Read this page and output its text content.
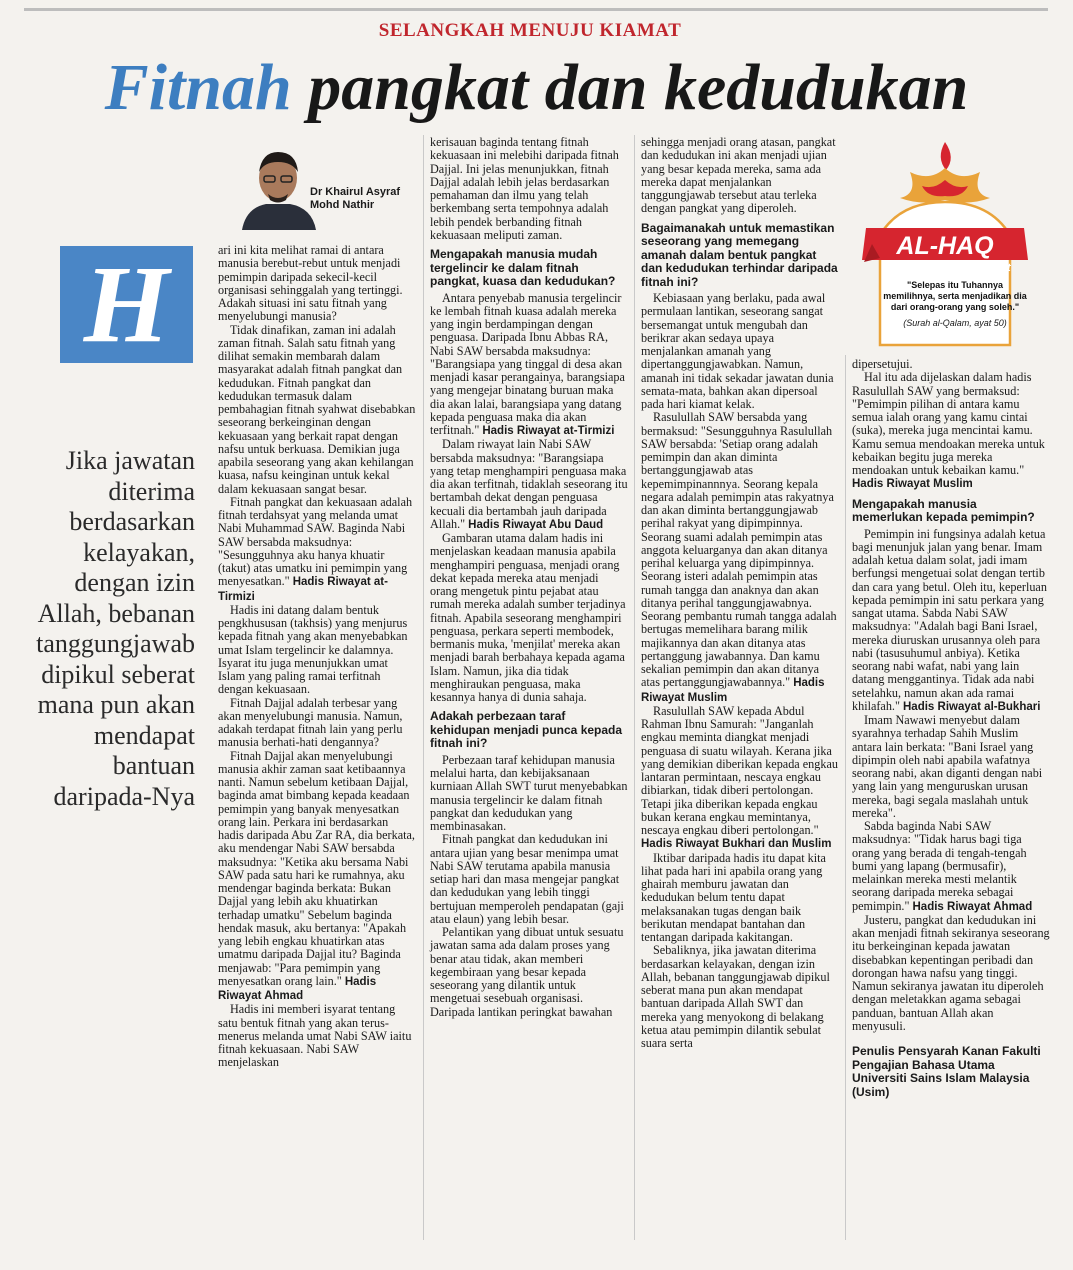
SELANGKAH MENUJU KIAMAT
Fitnah pangkat dan kedudukan
Dr Khairul Asyraf
Mohd Nathir
H
Jika jawatan diterima berdasarkan kelayakan, dengan izin Allah, bebanan tanggungjawab dipikul seberat mana pun akan mendapat bantuan daripada-Nya

ari ini kita melihat ramai di antara manusia berebut-rebut untuk menjadi pemimpin daripada sekecil-kecil organisasi sehinggalah yang tertinggi. Adakah situasi ini satu fitnah yang menyelubungi manusia?

Tidak dinafikan, zaman ini adalah zaman fitnah. Salah satu fitnah yang dilihat semakin membarah dalam masyarakat adalah fitnah pangkat dan kedudukan. Fitnah pangkat dan kedudukan termasuk dalam pembahagian fitnah syahwat disebabkan seseorang berkeinginan dengan kekuasaan yang berkait rapat dengan nafsu untuk berkuasa. Demikian juga apabila seseorang yang akan kehilangan kuasa, nafsu keinginan untuk kekal dalam kekuasaan sangat besar.

Fitnah pangkat dan kekuasaan adalah fitnah terdahsyat yang melanda umat Nabi Muhammad SAW. Baginda Nabi SAW bersabda maksudnya: "Sesungguhnya aku hanya khuatir (takut) atas umatku ini pemimpin yang menyesatkan." Hadis Riwayat at-Tirmizi

Hadis ini datang dalam bentuk pengkhususan (takhsis) yang menjurus kepada fitnah yang akan menyebabkan umat Islam tergelincir ke dalamnya. Isyarat itu juga menunjukkan umat Islam yang paling ramai terfitnah dengan kekuasaan.

Fitnah Dajjal adalah terbesar yang akan menyelubungi manusia. Namun, adakah terdapat fitnah lain yang perlu manusia berhati-hati dengannya?

Fitnah Dajjal akan menyelubungi manusia akhir zaman saat ketibaannya nanti. Namun sebelum ketibaan Dajjal, baginda amat bimbang kepada keadaan pemimpin yang banyak menyesatkan orang lain. Perkara ini berdasarkan hadis daripada Abu Zar RA, dia berkata, aku mendengar Nabi SAW bersabda maksudnya: "Ketika aku bersama Nabi SAW pada satu hari ke rumahnya, aku mendengar baginda berkata: Bukan Dajjal yang lebih aku khuatirkan terhadap umatku" Sebelum baginda hendak masuk, aku bertanya: "Apakah yang lebih engkau khuatirkan atas umatmu daripada Dajjal itu? Baginda menjawab: "Para pemimpin yang menyesatkan orang lain." Hadis Riwayat Ahmad

Hadis ini memberi isyarat tentang satu bentuk fitnah yang akan terus-menerus melanda umat Nabi SAW iaitu fitnah kekuasaan. Nabi SAW menjelaskan

kerisauan baginda tentang fitnah kekuasaan ini melebihi daripada fitnah Dajjal. Ini jelas menunjukkan, fitnah Dajjal adalah lebih jelas berdasarkan pemahaman dan ilmu yang telah berkembang serta tempohnya adalah lebih pendek berbanding fitnah kekuasaan meliputi zaman.

Mengapakah manusia mudah tergelincir ke dalam fitnah pangkat, kuasa dan kedudukan?

Antara penyebab manusia tergelincir ke lembah fitnah kuasa adalah mereka yang ingin berdampingan dengan penguasa. Daripada Ibnu Abbas RA, Nabi SAW bersabda maksudnya: "Barangsiapa yang tinggal di desa akan menjadi kasar perangainya, barangsiapa yang mengejar binatang buruan maka dia akan lalai, barangsiapa yang datang kepada penguasa maka dia akan terfitnah." Hadis Riwayat at-Tirmizi

Dalam riwayat lain Nabi SAW bersabda maksudnya: "Barangsiapa yang tetap menghampiri penguasa maka dia akan terfitnah, tidaklah seseorang itu bertambah dekat dengan penguasa kecuali dia bertambah jauh daripada Allah." Hadis Riwayat Abu Daud

Gambaran utama dalam hadis ini menjelaskan keadaan manusia apabila menghampiri penguasa, menjadi orang dekat kepada mereka atau menjadi orang mengetuk pintu pejabat atau rumah mereka adalah sumber terjadinya fitnah. Apabila seseorang menghampiri penguasa, perkara seperti membodek, bermanis muka, 'menjilat' mereka akan menjadi barah berbahaya kepada agama Islam. Namun, jika dia tidak menghiraukan penguasa, maka kesannya hanya di dunia sahaja.

Adakah perbezaan taraf kehidupan menjadi punca kepada fitnah ini?

Perbezaan taraf kehidupan manusia melalui harta, dan kebijaksanaan kurniaan Allah SWT turut menyebabkan manusia tergelincir ke dalam fitnah pangkat dan kedudukan yang membinasakan.

Fitnah pangkat dan kedudukan ini antara ujian yang besar menimpa umat Nabi SAW terutama apabila manusia setiap hari dan masa mengejar pangkat dan kedudukan yang lebih tinggi bertujuan memperoleh pendapatan (gaji atau elaun) yang lebih besar.

Pelantikan yang dibuat untuk sesuatu jawatan sama ada dalam proses yang benar atau tidak, akan memberi kegembiraan yang besar kepada seseorang yang dilantik untuk mengetuai sesebuah organisasi. Daripada lantikan peringkat bawahan

sehingga menjadi orang atasan, pangkat dan kedudukan ini akan menjadi ujian yang besar kepada mereka, sama ada mereka dapat menjalankan tanggungjawab tersebut atau terleka dengan pangkat yang diperoleh.

Bagaimanakah untuk memastikan seseorang yang memegang amanah dalam bentuk pangkat dan kedudukan terhindar daripada fitnah ini?

Kebiasaan yang berlaku, pada awal permulaan lantikan, seseorang sangat bersemangat untuk mengubah dan berikrar akan sedaya upaya menjalankan amanah yang dipertanggungjawabkan. Namun, amanah ini tidak sekadar jawatan dunia semata-mata, bahkan akan dipersoal pada hari kiamat kelak.

Rasulullah SAW bersabda yang bermaksud: "Sesungguhnya Rasulullah SAW bersabda: 'Setiap orang adalah pemimpin dan akan diminta bertanggungjawab atas kepemimpinannnya. Seorang kepala negara adalah pemimpin atas rakyatnya dan akan diminta bertanggungjawab perihal rakyat yang dipimpinnya. Seorang suami adalah pemimpin atas anggota keluarganya dan akan ditanya perihal keluarga yang dipimpinnya. Seorang isteri adalah pemimpin atas rumah tangga dan anaknya dan akan ditanya perihal tanggungjawabnya. Seorang pembantu rumah tangga adalah bertugas memelihara barang milik majikannya dan akan ditanya atas pertanggung jawabannya. Dan kamu sekalian pemimpin dan akan ditanya atas pertanggungjawabannya." Hadis Riwayat Muslim

Rasulullah SAW kepada Abdul Rahman Ibnu Samurah: "Janganlah engkau meminta diangkat menjadi penguasa di suatu wilayah. Kerana jika yang demikian diberikan kepada engkau lantaran permintaan, nescaya engkau dibiarkan, tidak diberi pertolongan. Tetapi jika diberikan kepada engkau bukan kerana engkau memintanya, nescaya engkau diberi pertolongan." Hadis Riwayat Bukhari dan Muslim

Iktibar daripada hadis itu dapat kita lihat pada hari ini apabila orang yang ghairah memburu jawatan dan kedudukan belum tentu dapat melaksanakan tugas dengan baik berikutan mendapat bantahan dan tentangan daripada kakitangan.

Sebaliknya, jika jawatan diterima berdasarkan kelayakan, dengan izin Allah, bebanan tanggungjawab dipikul seberat mana pun akan mendapat bantuan daripada Allah SWT dan mereka yang menyokong di belakang ketua atau pemimpin dilantik sebulat suara serta

AL-HAQ
Sehari sepotong ayat
"Selepas itu Tuhannya memilihnya, serta menjadikan dia dari orang-orang yang soleh."
(Surah al-Qalam, ayat 50)

dipersetujui.

Hal itu ada dijelaskan dalam hadis Rasulullah SAW yang bermaksud: "Pemimpin pilihan di antara kamu semua ialah orang yang kamu cintai (suka), mereka juga mencintai kamu. Kamu semua mendoakan mereka untuk kebaikan begitu juga mereka mendoakan untuk kebaikan kamu." Hadis Riwayat Muslim

Mengapakah manusia memerlukan kepada pemimpin?

Pemimpin ini fungsinya adalah ketua bagi menunjuk jalan yang benar. Imam adalah ketua dalam solat, jadi imam berfungsi mengetuai solat dengan tertib dan cara yang betul. Oleh itu, keperluan kepada pemimpin ini satu perkara yang sangat utama. Sabda Nabi SAW maksudnya: "Adalah bagi Bani Israel, mereka diuruskan urusannya oleh para nabi (tasusuhumul anbiya). Ketika seorang nabi wafat, nabi yang lain datang menggantinya. Tidak ada nabi setelahku, namun akan ada ramai khilafah." Hadis Riwayat al-Bukhari

Imam Nawawi menyebut dalam syarahnya terhadap Sahih Muslim antara lain berkata: "Bani Israel yang dipimpin oleh nabi apabila wafatnya seorang nabi, akan diganti dengan nabi yang lain yang menguruskan urusan mereka, bagi segala maslahah untuk mereka".

Sabda baginda Nabi SAW maksudnya: "Tidak harus bagi tiga orang yang berada di tengah-tengah bumi yang lapang (bermusafir), melainkan mereka mesti melantik seorang daripada mereka sebagai pemimpin." Hadis Riwayat Ahmad

Justeru, pangkat dan kedudukan ini akan menjadi fitnah sekiranya seseorang itu berkeinginan kepada jawatan disebabkan kepentingan peribadi dan dorongan hawa nafsu yang tinggi. Namun sekiranya jawatan itu diperoleh dengan meletakkan agama sebagai panduan, bantuan Allah akan menyusuli.

Penulis Pensyarah Kanan Fakulti Pengajian Bahasa Utama Universiti Sains Islam Malaysia (Usim)
